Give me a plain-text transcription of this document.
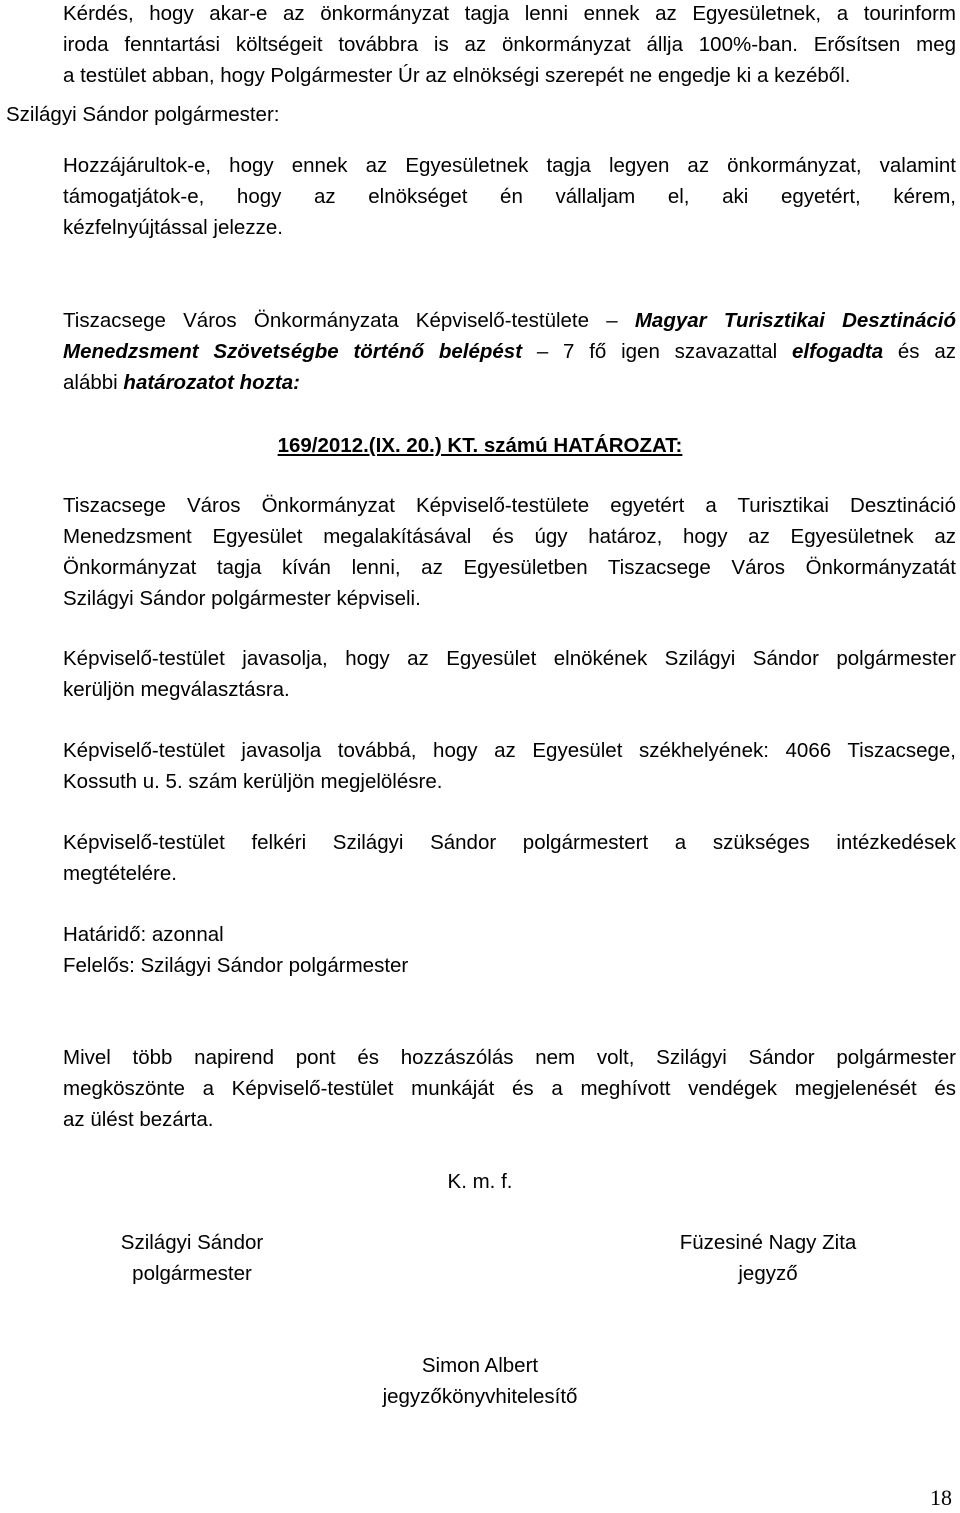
Kérdés, hogy akar-e az önkormányzat tagja lenni ennek az Egyesületnek, a tourinform
iroda fenntartási költségeit továbbra is az önkormányzat állja 100%-ban. Erősítsen meg
a testület abban, hogy Polgármester Úr az elnökségi szerepét ne engedje ki a kezéből.

Szilágyi Sándor polgármester:

Hozzájárultok-e, hogy ennek az Egyesületnek tagja legyen az önkormányzat, valamint
támogatjátok-e, hogy az elnökséget én vállaljam el, aki egyetért, kérem,
kézfelnyújtással jelezze.
Tiszacsege Város Önkormányzata Képviselő-testülete – Magyar Turisztikai Desztináció
Menedzsment Szövetségbe történő belépést – 7 fő igen szavazattal elfogadta és az
alábbi határozatot hozta:

169/2012.(IX. 20.) KT. számú HATÁROZAT:

Tiszacsege Város Önkormányzat Képviselő-testülete egyetért a Turisztikai Desztináció
Menedzsment Egyesület megalakításával és úgy határoz, hogy az Egyesületnek az
Önkormányzat tagja kíván lenni, az Egyesületben Tiszacsege Város Önkormányzatát
Szilágyi Sándor polgármester képviseli.
Képviselő-testület javasolja, hogy az Egyesület elnökének Szilágyi Sándor polgármester
kerüljön megválasztásra.
Képviselő-testület javasolja továbbá, hogy az Egyesület székhelyének: 4066 Tiszacsege,
Kossuth u. 5. szám kerüljön megjelölésre.
Képviselő-testület felkéri Szilágyi Sándor polgármestert a szükséges intézkedések
megtételére.
Határidő: azonnal
Felelős: Szilágyi Sándor polgármester
Mivel több napirend pont és hozzászólás nem volt, Szilágyi Sándor polgármester
megköszönte a Képviselő-testület munkáját és a meghívott vendégek megjelenését és
az ülést bezárta.

K. m. f.

Szilágyi Sándor
polgármester
Füzesiné Nagy Zita
jegyző
Simon Albert
jegyzőkönyvhitelesítő
18
